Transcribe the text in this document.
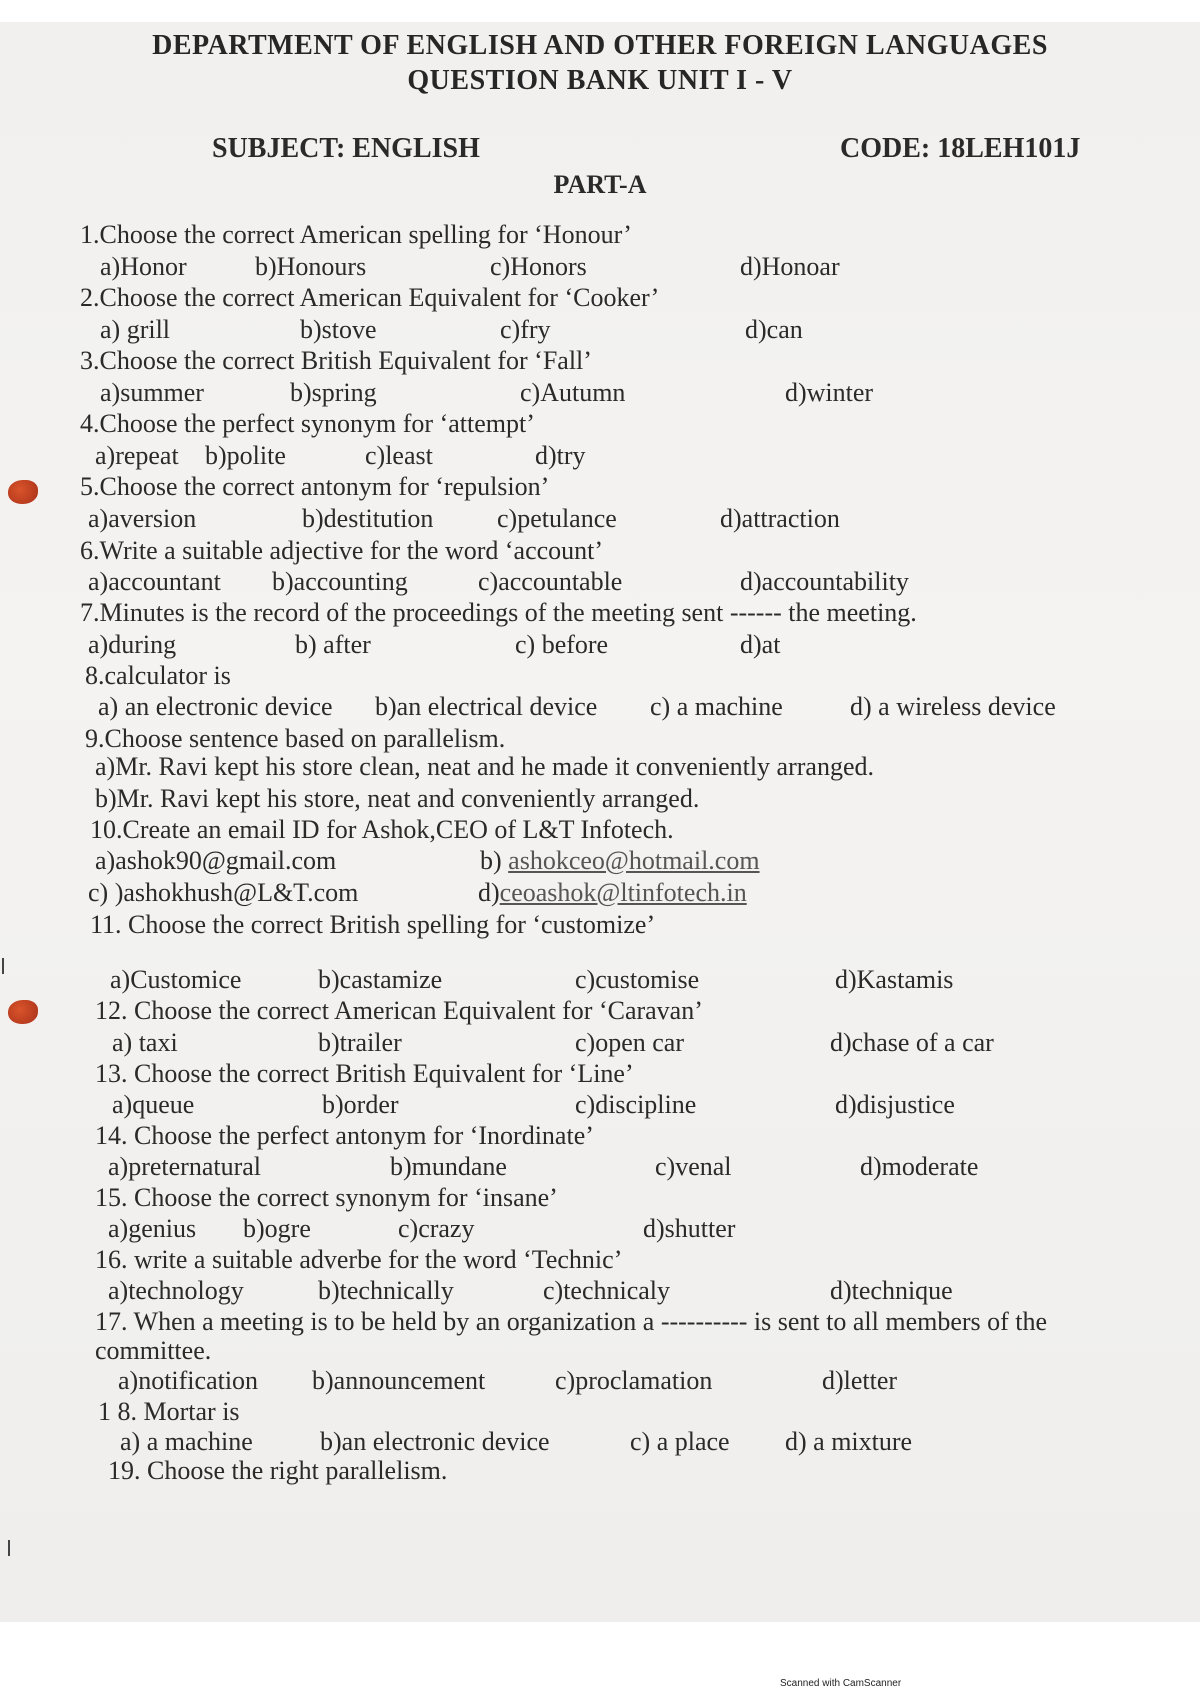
DEPARTMENT OF ENGLISH AND OTHER FOREIGN LANGUAGES
QUESTION BANK UNIT I - V
SUBJECT: ENGLISH	CODE: 18LEH101J
PART-A
1.Choose the correct American spelling for ‘Honour’
a)Honor	b)Honours	c)Honors	d)Honoar
2.Choose the correct American Equivalent for ‘Cooker’
a) grill	b)stove	c)fry	d)can
3.Choose the correct British Equivalent for ‘Fall’
a)summer	b)spring	c)Autumn	d)winter
4.Choose the perfect synonym for ‘attempt’
a)repeat b)polite	c)least	d)try
5.Choose the correct antonym for ‘repulsion’
a)aversion	b)destitution c)petulance	d)attraction
6.Write a suitable adjective for the word ‘account’
a)accountant b)accounting	c)accountable	d)accountability
7.Minutes is the record of the proceedings of the meeting sent ------ the meeting.
a)during	b) after	c) before	d)at
8.calculator is
a) an electronic device b)an electrical device c) a machine	d) a wireless device
9.Choose sentence based on parallelism.
a)Mr. Ravi kept his store clean, neat and he made it conveniently arranged.
b)Mr. Ravi kept his store, neat and conveniently arranged.
10.Create an email ID for Ashok,CEO of L&T Infotech.
a)ashok90@gmail.com	b) ashokceo@hotmail.com
c) )ashokhush@L&T.com	d)ceoashok@ltinfotech.in
11. Choose the correct British spelling for ‘customize’
a)Customice	b)castamize	c)customise	d)Kastamis
12. Choose the correct American Equivalent for ‘Caravan’
a) taxi	b)trailer	c)open car	d)chase of a car
13. Choose the correct British Equivalent for ‘Line’
a)queue	b)order	c)discipline	d)disjustice
14. Choose the perfect antonym for ‘Inordinate’
a)preternatural	b)mundane	c)venal	d)moderate
15. Choose the correct synonym for ‘insane’
a)genius b)ogre	c)crazy	d)shutter
16. write a suitable adverbe for the word ‘Technic’
a)technology	b)technically	c)technicaly	d)technique
17. When a meeting is to be held by an organization a ---------- is sent to all members of the
committee.
a)notification b)announcement	c)proclamation	d)letter
1 8. Mortar is
a) a machine	b)an electronic device	c) a place d) a mixture
19. Choose the right parallelism.
Scanned with CamScanner
